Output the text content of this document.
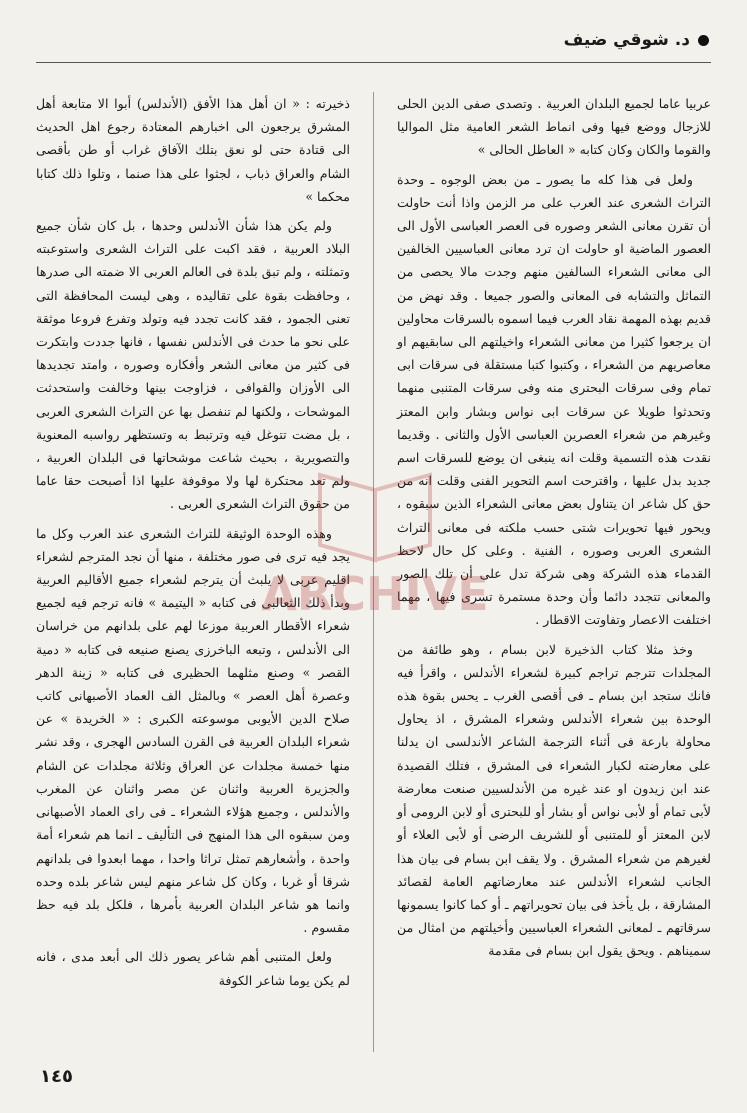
د. شوقي ضيف

عربيا عاما لجميع البلدان العربية . وتصدى صفى الدين الحلى للازجال ووضع فيها وفى انماط الشعر العامية مثل المواليا والقوما والكان وكان كتابه « العاطل الحالى »

ولعل فى هذا كله ما يصور ـ من بعض الوجوه ـ وحدة التراث الشعرى عند العرب على مر الزمن واذا أنت حاولت أن تقرن معانى الشعر وصوره فى العصر العباسى الأول الى العصور الماضية او حاولت ان ترد معانى العباسيين الخالفين الى معانى الشعراء السالفين منهم وجدت مالا يحصى من التماثل والتشابه فى المعانى والصور جميعا . وقد نهض من قديم بهذه المهمة نقاد العرب فيما اسموه بالسرقات محاولين ان يرجعوا كثيرا من معانى الشعراء واخيلتهم الى سابقيهم او معاصريهم من الشعراء ، وكتبوا كتبا مستقلة فى سرقات ابى تمام وفى سرقات البحترى منه وفى سرقات المتنبى منهما وتحدثوا طويلا عن سرقات ابى نواس وبشار وابن المعتز وغيرهم من شعراء العصرين العباسى الأول والثانى . وقديما نقدت هذه التسمية وقلت انه ينبغى ان يوضع للسرقات اسم جديد بدل عليها ، واقترحت اسم التحوير الفنى وقلت انه من حق كل شاعر ان يتناول بعض معانى الشعراء الذين سبقوه ، ويحور فيها تحويرات شتى حسب ملكته فى معانى التراث الشعرى العربى وصوره ، الفنية . وعلى كل حال لاحظ القدماء هذه الشركة وهى شركة تدل على أن تلك الصور والمعانى تتجدد دائما وأن وحدة مستمرة تسرى فيها ، مهما اختلفت الاعصار وتفاوتت الاقطار .

وخذ مثلا كتاب الذخيرة لابن بسام ، وهو طائفة من المجلدات تترجم تراجم كبيرة لشعراء الأندلس ، واقرأ فيه فانك ستجد ابن بسام ـ فى أقصى الغرب ـ يحس بقوة هذه الوحدة بين شعراء الأندلس وشعراء المشرق ، اذ يحاول محاولة بارعة فى أثناء الترجمة الشاعر الأندلسى ان يدلنا على معارضته لكبار الشعراء فى المشرق ، فتلك القصيدة عند ابن زيدون او عند غيره من الأندلسيين صنعت معارضة لأبى تمام أو لأبى نواس أو بشار أو للبحترى أو لابن الرومى أو لابن المعتز أو للمتنبى أو للشريف الرضى أو لأبى العلاء أو لغيرهم من شعراء المشرق . ولا يقف ابن بسام فى بيان هذا الجانب لشعراء الأندلس عند معارضاتهم العامة لقصائد المشارقة ، بل يأخذ فى بيان تحويراتهم ـ أو كما كانوا يسمونها سرقاتهم ـ لمعانى الشعراء العباسيين وأخيلتهم من امثال من سميناهم . ويحق يقول ابن بسام فى مقدمة

ذخيرته : « ان أهل هذا الأفق (الأندلس) أبوا الا متابعة أهل المشرق يرجعون الى اخبارهم المعتادة رجوع اهل الحديث الى قتادة حتى لو نعق بتلك الآفاق غراب أو طن بأقصى الشام والعراق ذباب ، لجثوا على هذا صنما ، وتلوا ذلك كتابا محكما »

ولم يكن هذا شأن الأندلس وحدها ، بل كان شأن جميع البلاد العربية ، فقد اكبت على التراث الشعرى واستوعبته وتمثلته ، ولم تبق بلدة فى العالم العربى الا ضمته الى صدرها ، وحافظت بقوة على تقاليده ، وهى ليست المحافظة التى تعنى الجمود ، فقد كانت تجدد فيه وتولد وتفرع فروعا موثقة على نحو ما حدث فى الأندلس نفسها ، فانها جددت وابتكرت فى كثير من معانى الشعر وأفكاره وصوره ، وامتد تجديدها الى الأوزان والقوافى ، فزاوجت بينها وخالفت واستحدثت الموشحات ، ولكنها لم تنفصل بها عن التراث الشعرى العربى ، بل مضت تتوغل فيه وترتبط به وتستظهر رواسبه المعنوية والتصويرية ، بحيث شاعت موشحاتها فى البلدان العربية ، ولم تعد محتكرة لها ولا موقوفة عليها اذا أصبحت حقا عاما من حقوق التراث الشعرى العربى .

وهذه الوحدة الوثيقة للتراث الشعرى عند العرب وكل ما يجد فيه ترى فى صور مختلفة ، منها أن نجد المترجم لشعراء اقليم عربى لا يلبث أن يترجم لشعراء جميع الأقاليم العربية وبدأ ذلك الثعالبى فى كتابه « اليتيمة » فانه ترجم فيه لجميع شعراء الأقطار العربية موزعا لهم على بلدانهم من خراسان الى الأندلس ، وتبعه الباخرزى يصنع صنيعه فى كتابه « دمية القصر » وصنع مثلهما الحظيرى فى كتابه « زينة الدهر وعصرة أهل العصر » وبالمثل الف العماد الأصبهانى كاتب صلاح الدين الأيوبى موسوعته الكبرى : « الخريدة » عن شعراء البلدان العربية فى القرن السادس الهجرى ، وقد نشر منها خمسة مجلدات عن العراق وثلاثة مجلدات عن الشام والجزيرة العربية واثنان عن مصر واثنان عن المغرب والأندلس ، وجميع هؤلاء الشعراء ـ فى راى العماد الأصبهانى ومن سبقوه الى هذا المنهج فى التأليف ـ انما هم شعراء أمة واحدة ، وأشعارهم تمثل تراثا واحدا ، مهما ابعدوا فى بلدانهم شرقا أو غربا ، وكان كل شاعر منهم ليس شاعر بلده وحده وانما هو شاعر البلدان العربية بأمرها ، فلكل بلد فيه حظ مقسوم .

ولعل المتنبى أهم شاعر يصور ذلك الى أبعد مدى ، فانه لم يكن يوما شاعر الكوفة

ARCHIVE
١٤٥
